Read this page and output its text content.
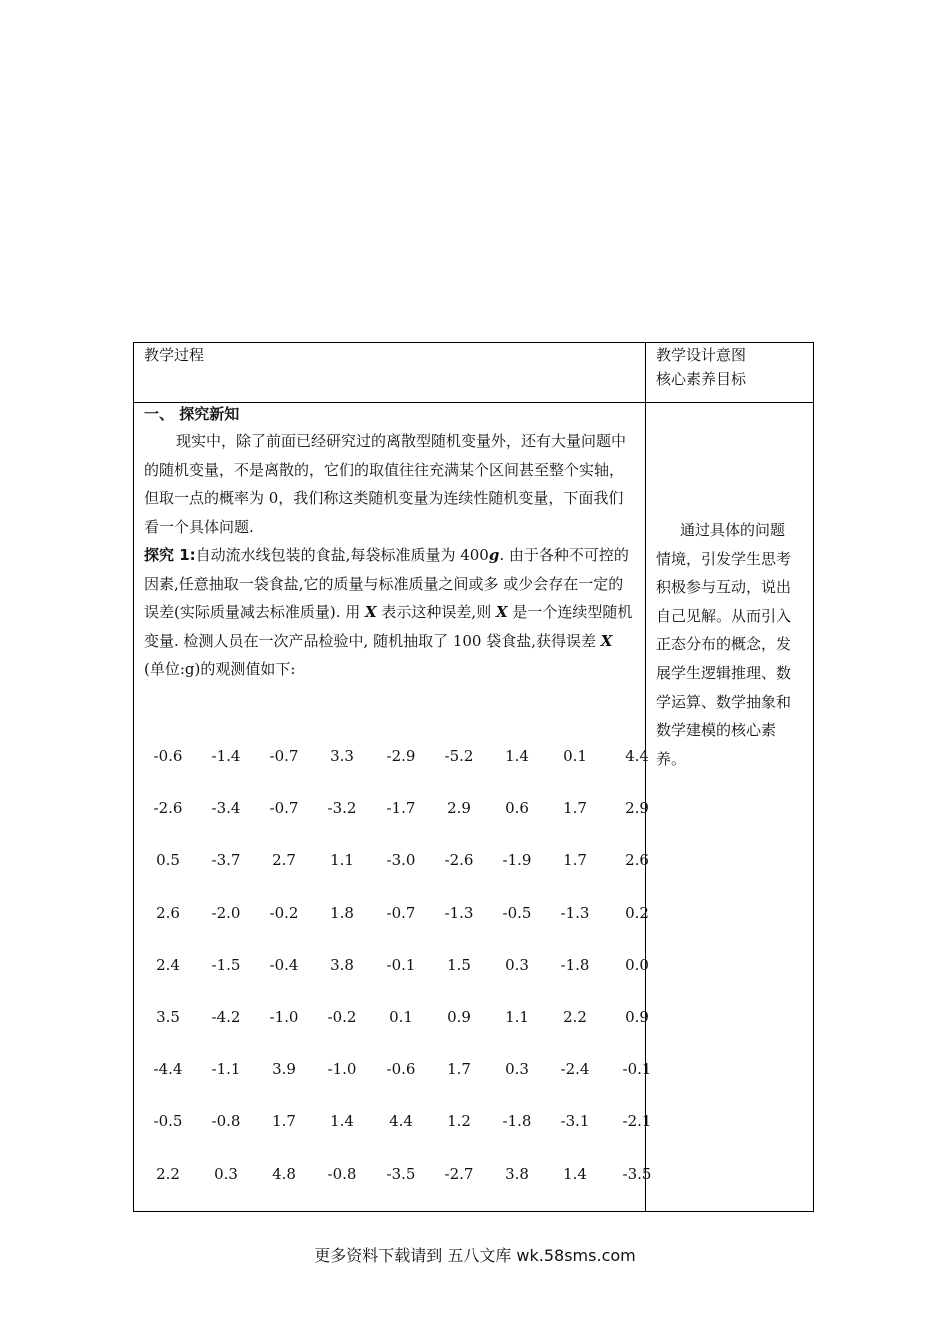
教学过程	教学设计意图
核心素养目标
一、 探究新知
现实中，除了前面已经研究过的离散型随机变量外，还有大量问题中的随机变量，不是离散的，它们的取值往往充满某个区间甚至整个实轴，但取一点的概率为 0，我们称这类随机变量为连续性随机变量，下面我们看一个具体问题.
探究 1:自动流水线包装的食盐,每袋标准质量为 400g. 由于各种不可控的因素,任意抽取一袋食盐,它的质量与标准质量之间或多 或少会存在一定的误差(实际质量减去标准质量). 用 X 表示这种误差,则 X 是一个连续型随机变量. 检测人员在一次产品检验中, 随机抽取了 100 袋食盐,获得误差 X (单位:g)的观测值如下:
-0.6	-1.4	-0.7	3.3	-2.9	-5.2	1.4	0.1	4.4
-2.6	-3.4	-0.7	-3.2	-1.7	2.9	0.6	1.7	2.9
0.5	-3.7	2.7	1.1	-3.0	-2.6	-1.9	1.7	2.6
2.6	-2.0	-0.2	1.8	-0.7	-1.3	-0.5	-1.3	0.2
2.4	-1.5	-0.4	3.8	-0.1	1.5	0.3	-1.8	0.0
3.5	-4.2	-1.0	-0.2	0.1	0.9	1.1	2.2	0.9
-4.4	-1.1	3.9	-1.0	-0.6	1.7	0.3	-2.4	-0.1
-0.5	-0.8	1.7	1.4	4.4	1.2	-1.8	-3.1	-2.1
2.2	0.3	4.8	-0.8	-3.5	-2.7	3.8	1.4	-3.5

通过具体的问题情境，引发学生思考积极参与互动，说出自己见解。从而引入正态分布的概念，发展学生逻辑推理、数学运算、数学抽象和数学建模的核心素养。

更多资料下载请到 五八文库 wk.58sms.com
